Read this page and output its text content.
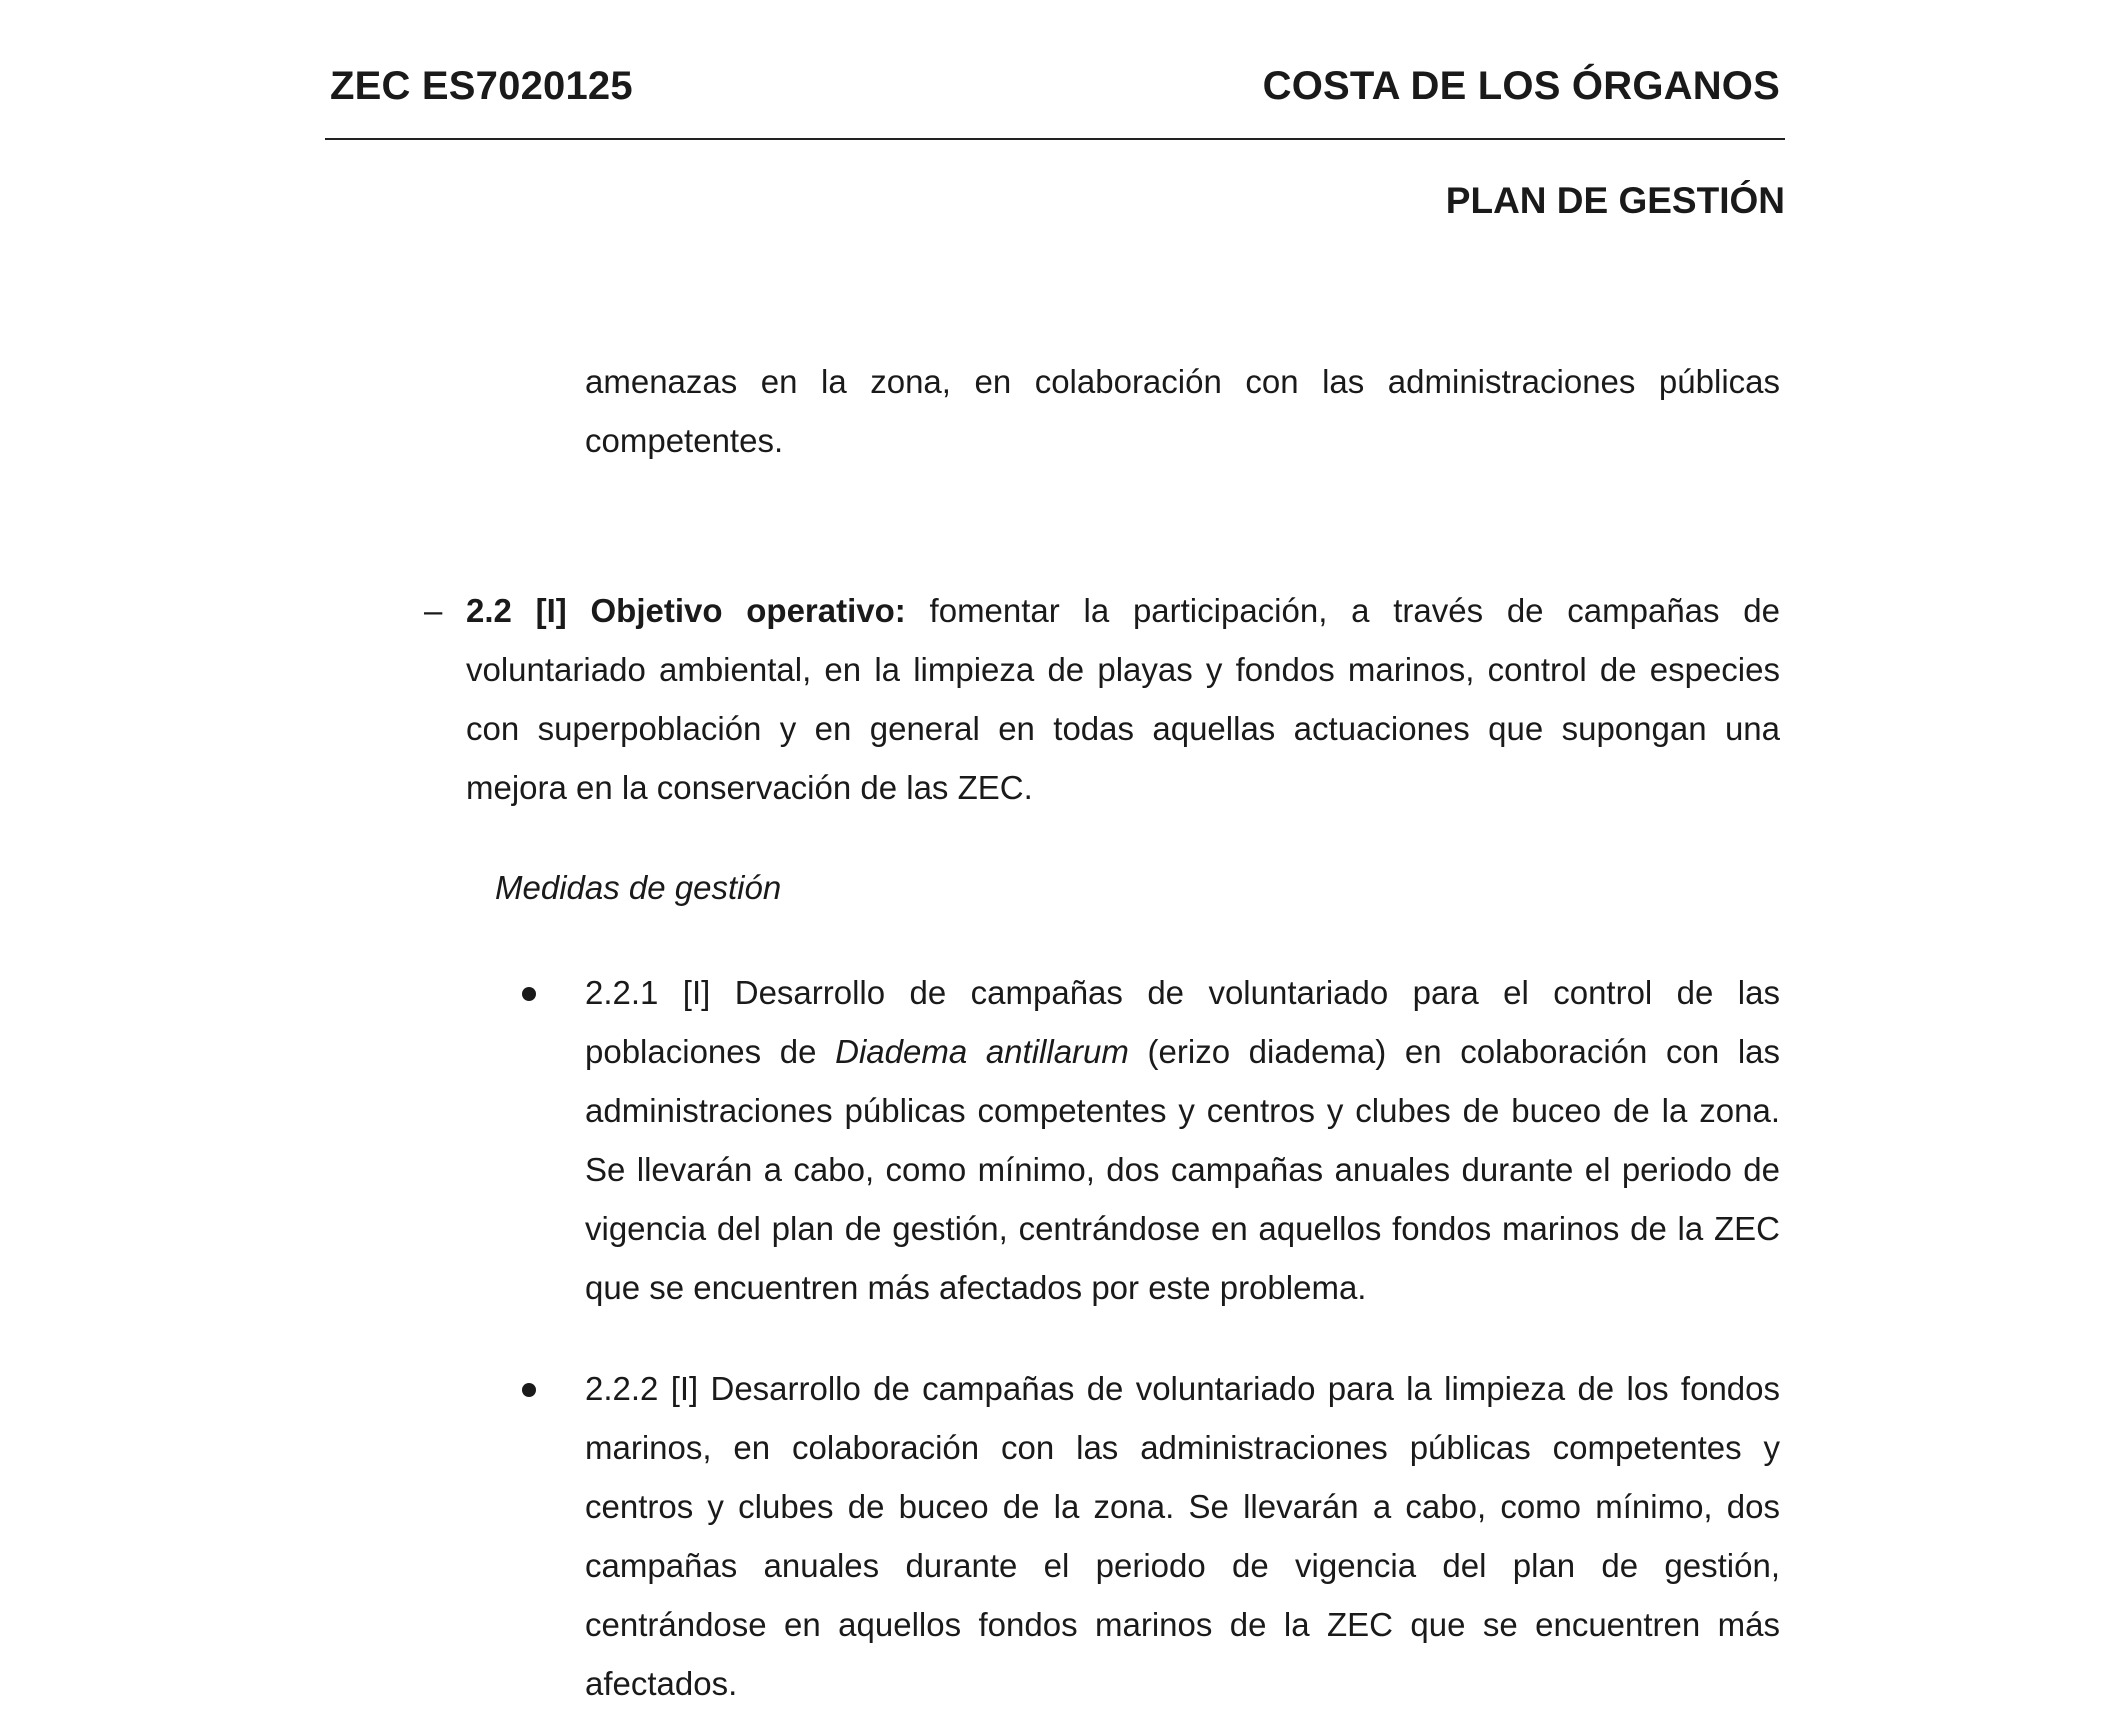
ZEC ES7020125	COSTA DE LOS ÓRGANOS
PLAN DE GESTIÓN

amenazas en la zona, en colaboración con las administraciones públicas competentes.

– 2.2 [I] Objetivo operativo: fomentar la participación, a través de campañas de voluntariado ambiental, en la limpieza de playas y fondos marinos, control de especies con superpoblación y en general en todas aquellas actuaciones que supongan una mejora en la conservación de las ZEC.

Medidas de gestión

2.2.1 [I] Desarrollo de campañas de voluntariado para el control de las poblaciones de Diadema antillarum (erizo diadema) en colaboración con las administraciones públicas competentes y centros y clubes de buceo de la zona. Se llevarán a cabo, como mínimo, dos campañas anuales durante el periodo de vigencia del plan de gestión, centrándose en aquellos fondos marinos de la ZEC que se encuentren más afectados por este problema.

2.2.2 [I] Desarrollo de campañas de voluntariado para la limpieza de los fondos marinos, en colaboración con las administraciones públicas competentes y centros y clubes de buceo de la zona. Se llevarán a cabo, como mínimo, dos campañas anuales durante el periodo de vigencia del plan de gestión, centrándose en aquellos fondos marinos de la ZEC que se encuentren más afectados.
